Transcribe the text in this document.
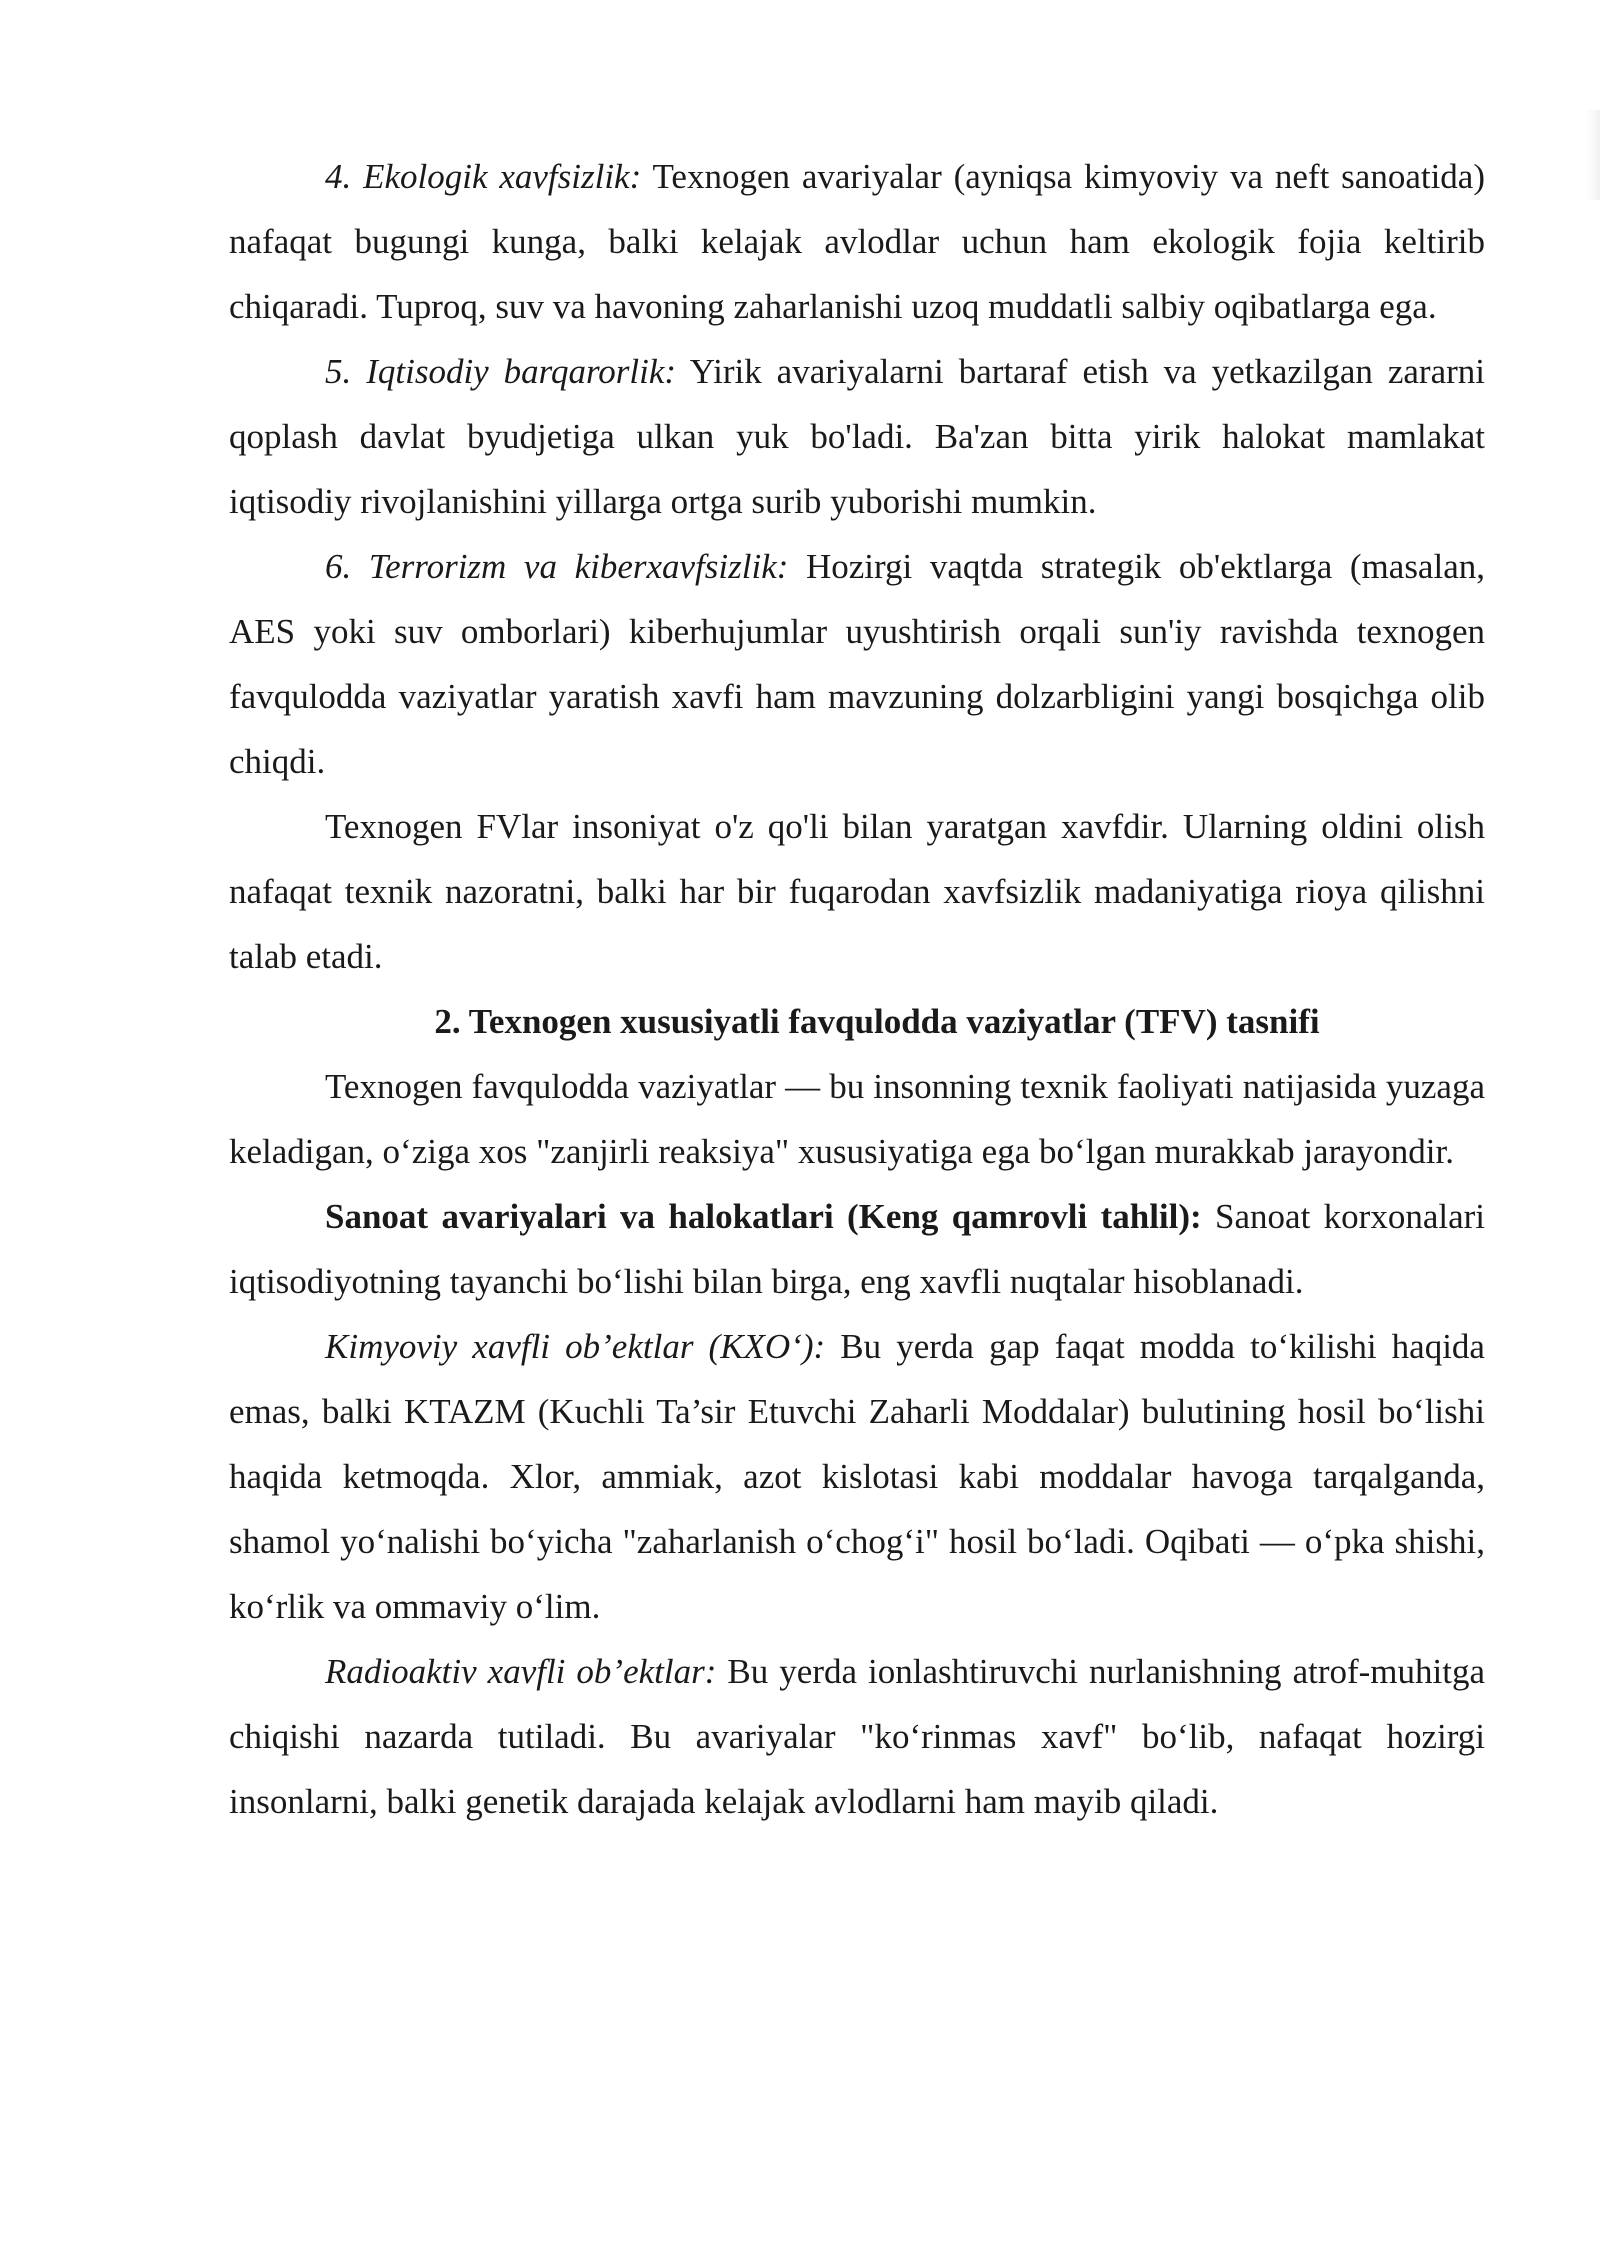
4. Ekologik xavfsizlik: Texnogen avariyalar (ayniqsa kimyoviy va neft sanoatida) nafaqat bugungi kunga, balki kelajak avlodlar uchun ham ekologik fojia keltirib chiqaradi. Tuproq, suv va havoning zaharlanishi uzoq muddatli salbiy oqibatlarga ega.

5. Iqtisodiy barqarorlik: Yirik avariyalarni bartaraf etish va yetkazilgan zararni qoplash davlat byudjetiga ulkan yuk bo'ladi. Ba'zan bitta yirik halokat mamlakat iqtisodiy rivojlanishini yillarga ortga surib yuborishi mumkin.

6. Terrorizm va kiberxavfsizlik: Hozirgi vaqtda strategik ob'ektlarga (masalan, AES yoki suv omborlari) kiberhujumlar uyushtirish orqali sun'iy ravishda texnogen favqulodda vaziyatlar yaratish xavfi ham mavzuning dolzarbligini yangi bosqichga olib chiqdi.

Texnogen FVlar insoniyat o'z qo'li bilan yaratgan xavfdir. Ularning oldini olish nafaqat texnik nazoratni, balki har bir fuqarodan xavfsizlik madaniyatiga rioya qilishni talab etadi.

2. Texnogen xususiyatli favqulodda vaziyatlar (TFV) tasnifi

Texnogen favqulodda vaziyatlar — bu insonning texnik faoliyati natijasida yuzaga keladigan, o‘ziga xos "zanjirli reaksiya" xususiyatiga ega bo‘lgan murakkab jarayondir.

Sanoat avariyalari va halokatlari (Keng qamrovli tahlil): Sanoat korxonalari iqtisodiyotning tayanchi bo‘lishi bilan birga, eng xavfli nuqtalar hisoblanadi.

Kimyoviy xavfli ob’ektlar (KXO‘): Bu yerda gap faqat modda to‘kilishi haqida emas, balki KTAZM (Kuchli Ta’sir Etuvchi Zaharli Moddalar) bulutining hosil bo‘lishi haqida ketmoqda. Xlor, ammiak, azot kislotasi kabi moddalar havoga tarqalganda, shamol yo‘nalishi bo‘yicha "zaharlanish o‘chog‘i" hosil bo‘ladi. Oqibati — o‘pka shishi, ko‘rlik va ommaviy o‘lim.

Radioaktiv xavfli ob’ektlar: Bu yerda ionlashtiruvchi nurlanishning atrof-muhitga chiqishi nazarda tutiladi. Bu avariyalar "ko‘rinmas xavf" bo‘lib, nafaqat hozirgi insonlarni, balki genetik darajada kelajak avlodlarni ham mayib qiladi.
